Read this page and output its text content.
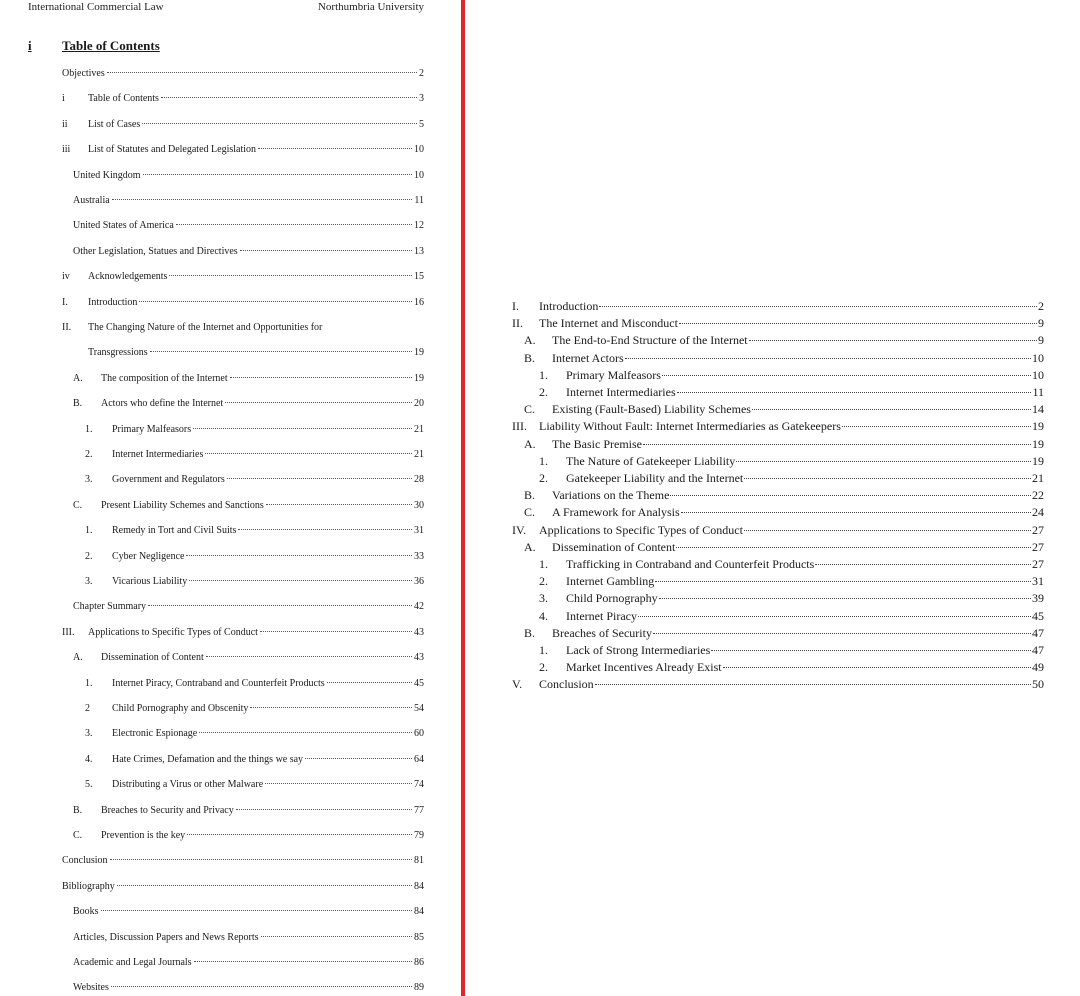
International Commercial Law	Northumbria University
i Table of Contents
Objectives	2
i	Table of Contents	3
ii	List of Cases	5
iii	List of Statutes and Delegated Legislation	10
United Kingdom	10
Australia	11
United States of America	12
Other Legislation, Statues and Directives	13
iv	Acknowledgements	15
I.	Introduction	16
II.	The Changing Nature of the Internet and Opportunities for
Transgressions	19
A.	The composition of the Internet	19
B.	Actors who define the Internet	20
1.	Primary Malfeasors	21
2.	Internet Intermediaries	21
3.	Government and Regulators	28
C.	Present Liability Schemes and Sanctions	30
1.	Remedy in Tort and Civil Suits	31
2.	Cyber Negligence	33
3.	Vicarious Liability	36
Chapter Summary	42
III.	Applications to Specific Types of Conduct	43
A.	Dissemination of Content	43
1.	Internet Piracy, Contraband and Counterfeit Products	45
2	Child Pornography and Obscenity	54
3.	Electronic Espionage	60
4.	Hate Crimes, Defamation and the things we say	64
5.	Distributing a Virus or other Malware	74
B.	Breaches to Security and Privacy	77
C.	Prevention is the key	79
Conclusion	81
Bibliography	84
Books	84
Articles, Discussion Papers and News Reports	85
Academic and Legal Journals	86
Websites	89
I.	Introduction	2
II.	The Internet and Misconduct	9
A.	The End-to-End Structure of the Internet	9
B.	Internet Actors	10
1.	Primary Malfeasors	10
2.	Internet Intermediaries	11
C.	Existing (Fault-Based) Liability Schemes	14
III.	Liability Without Fault: Internet Intermediaries as Gatekeepers	19
A.	The Basic Premise	19
1.	The Nature of Gatekeeper Liability	19
2.	Gatekeeper Liability and the Internet	21
B.	Variations on the Theme	22
C.	A Framework for Analysis	24
IV.	Applications to Specific Types of Conduct	27
A.	Dissemination of Content	27
1.	Trafficking in Contraband and Counterfeit Products	27
2.	Internet Gambling	31
3.	Child Pornography	39
4.	Internet Piracy	45
B.	Breaches of Security	47
1.	Lack of Strong Intermediaries	47
2.	Market Incentives Already Exist	49
V.	Conclusion	50
